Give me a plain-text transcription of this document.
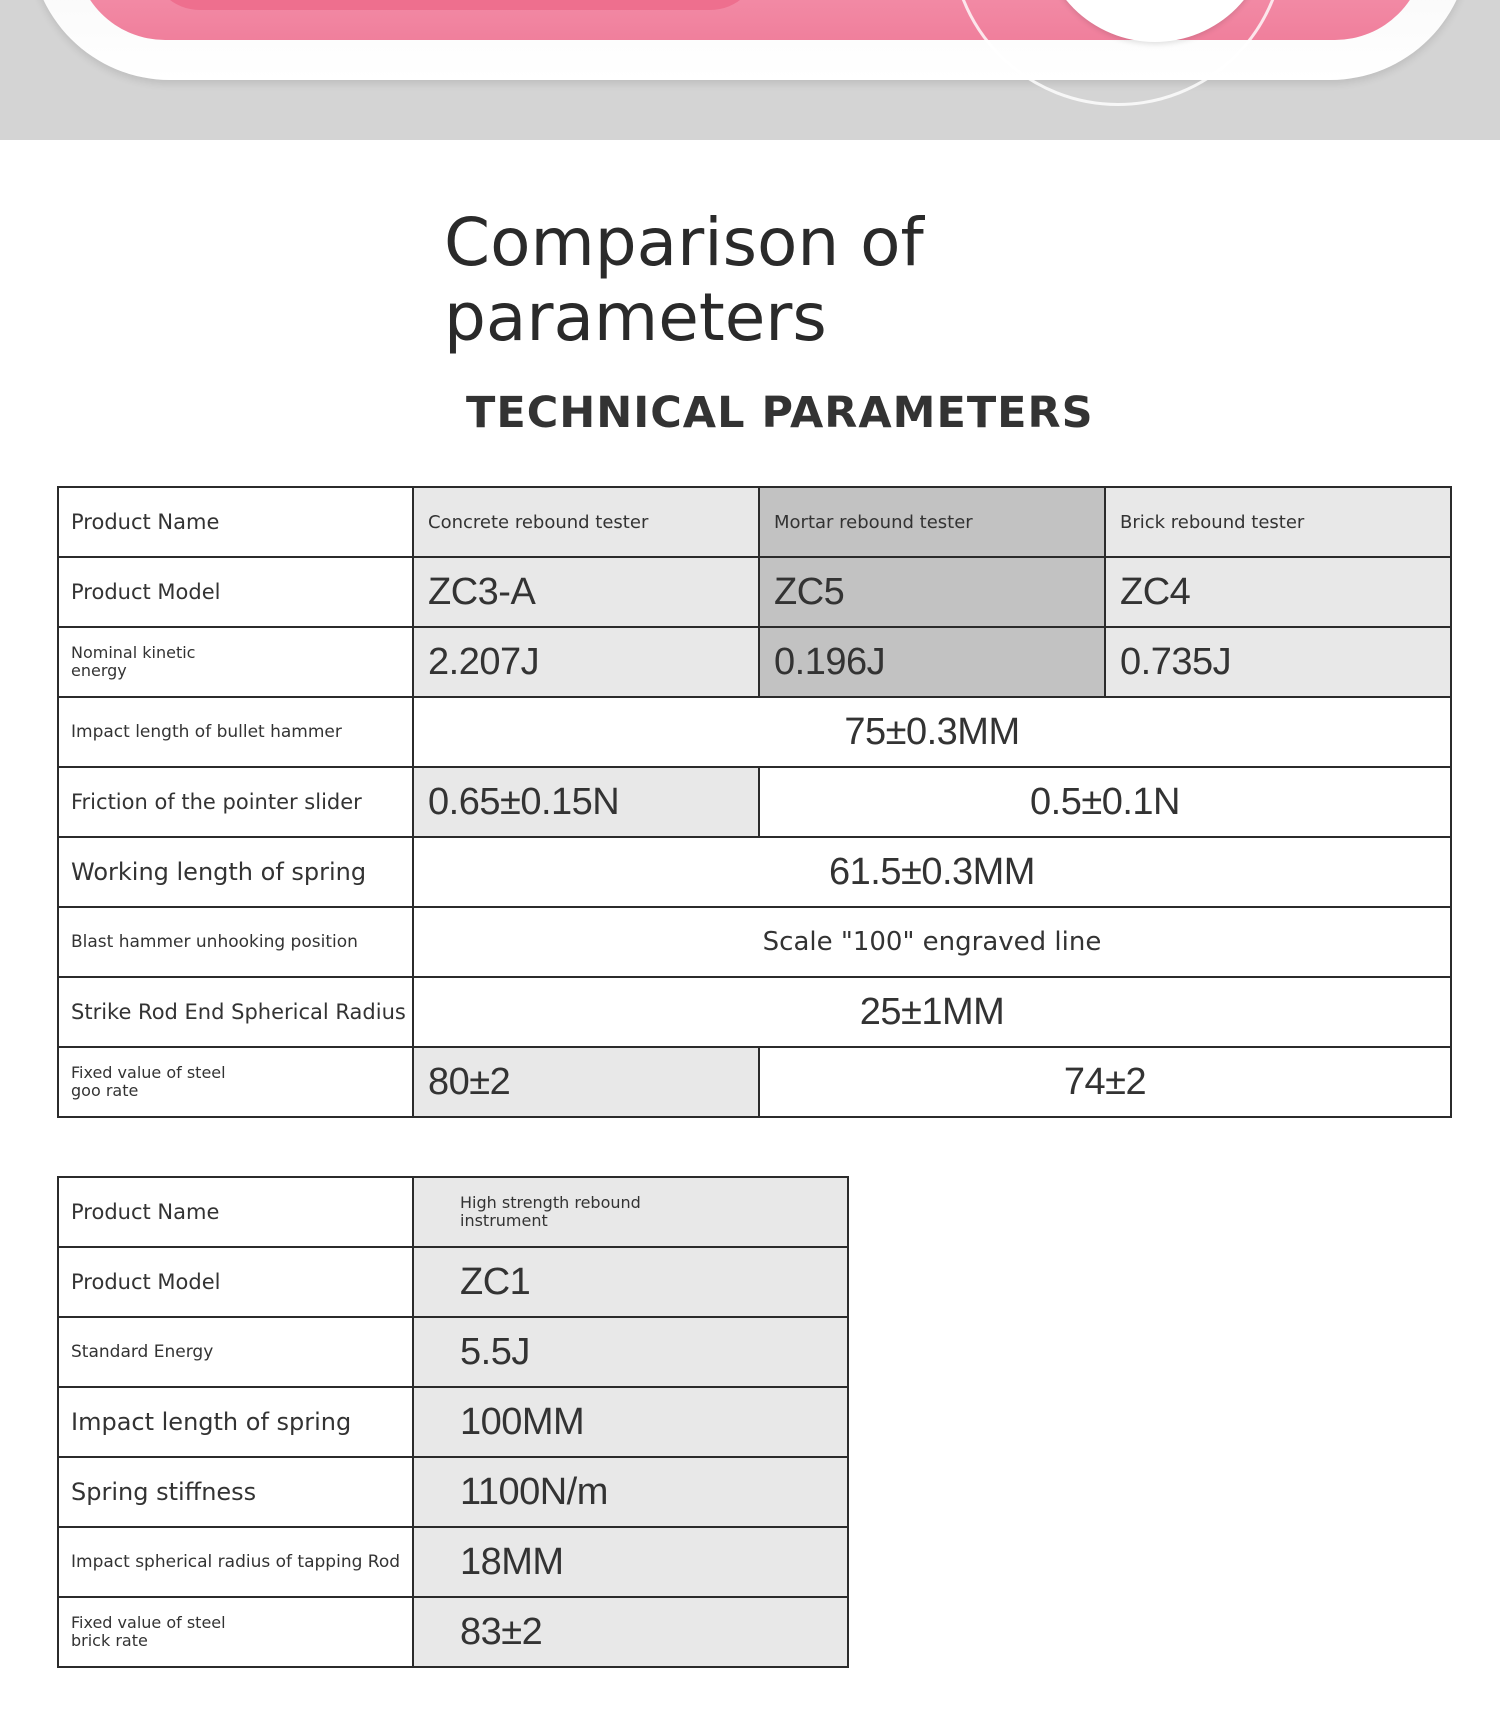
Comparison of parameters
TECHNICAL PARAMETERS
Product Name	Concrete rebound tester	Mortar rebound tester	Brick rebound tester

Product Model	ZC3-A	ZC5	ZC4

Nominal kinetic energy	2.207J	0.196J	0.735J

Impact length of bullet hammer	75±0.3MM		

Friction of the pointer slider	0.65±0.15N	0.5±0.1N	

Working length of spring	61.5±0.3MM		

Blast hammer unhooking position	Scale "100" engraved line		

Strike Rod End Spherical Radius	25±1MM		

Fixed value of steel goo rate	80±2	74±2	
Product Name	High strength rebound instrument

Product Model	ZC1

Standard Energy	5.5J

Impact length of spring	100MM

Spring stiffness	1100N/m

Impact spherical radius of tapping Rod	18MM

Fixed value of steel brick rate	83±2
